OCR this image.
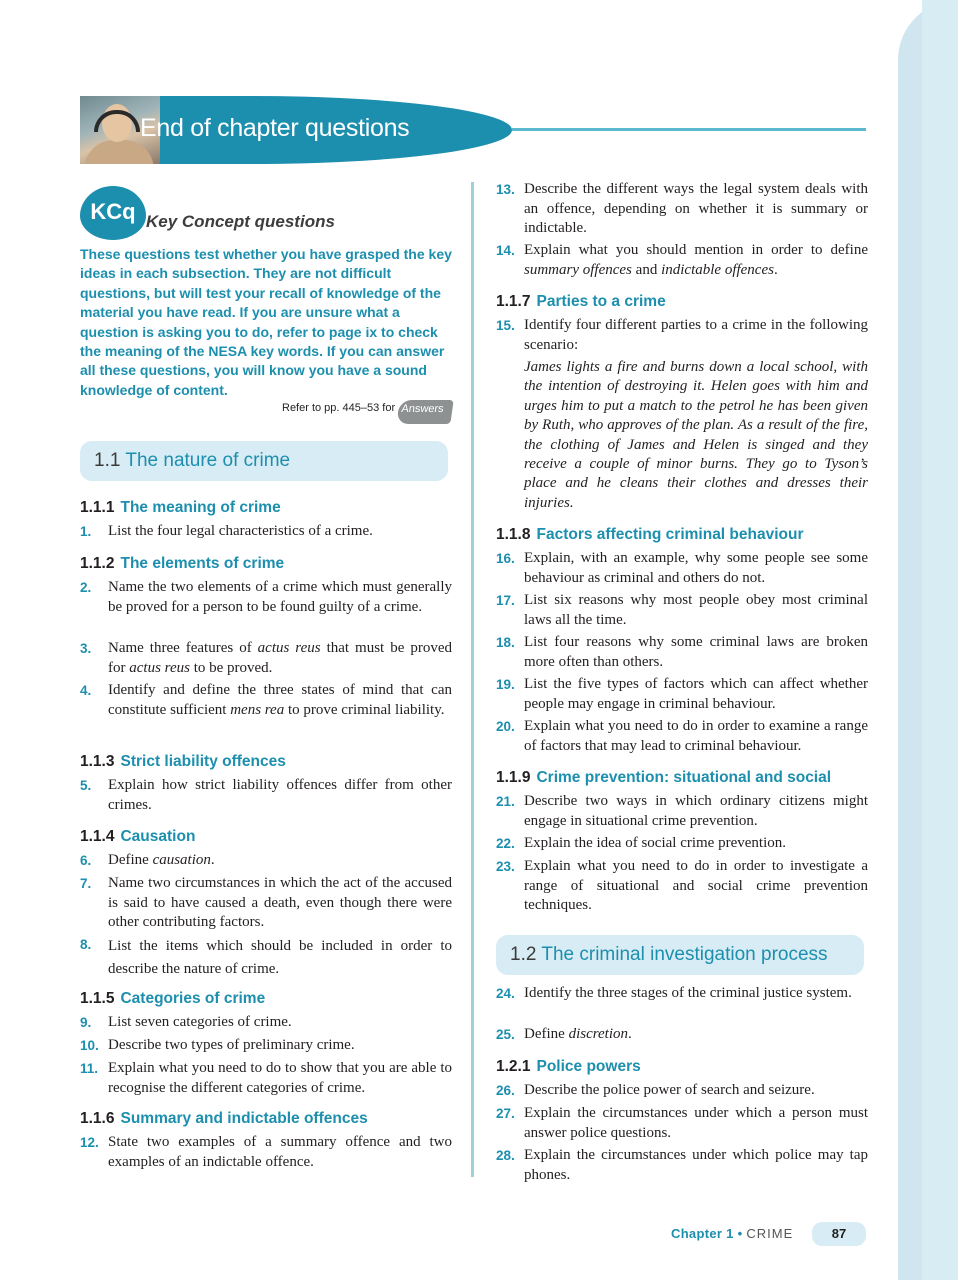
End of chapter questions
KCq Key Concept questions
These questions test whether you have grasped the key ideas in each subsection. They are not difficult questions, but will test your recall of knowledge of the material you have read. If you are unsure what a question is asking you to do, refer to page ix to check the meaning of the NESA key words. If you can answer all these questions, you will know you have a sound knowledge of content.
Refer to pp. 445–53 for Answers
1.1 The nature of crime
1.1.1 The meaning of crime
1.	List the four legal characteristics of a crime.
1.1.2 The elements of crime
2.	Name the two elements of a crime which must generally be proved for a person to be found guilty of a crime.
3.	Name three features of actus reus that must be proved for actus reus to be proved.
4.	Identify and define the three states of mind that can constitute sufficient mens rea to prove criminal liability.
1.1.3 Strict liability offences
5.	Explain how strict liability offences differ from other crimes.
1.1.4 Causation
6.	Define causation.
7.	Name two circumstances in which the act of the accused is said to have caused a death, even though there were other contributing factors.
8.	List the items which should be included in order to describe the nature of crime.
1.1.5 Categories of crime
9.	List seven categories of crime.
10. Describe two types of preliminary crime.
11. Explain what you need to do to show that you are able to recognise the different categories of crime.
1.1.6 Summary and indictable offences
12. State two examples of a summary offence and two examples of an indictable offence.
13. Describe the different ways the legal system deals with an offence, depending on whether it is summary or indictable.
14. Explain what you should mention in order to define summary offences and indictable offences.
1.1.7 Parties to a crime
15. Identify four different parties to a crime in the following scenario:
James lights a fire and burns down a local school, with the intention of destroying it. Helen goes with him and urges him to put a match to the petrol he has been given by Ruth, who approves of the plan. As a result of the fire, the clothing of James and Helen is singed and they receive a couple of minor burns. They go to Tyson’s place and he cleans their clothes and dresses their injuries.
1.1.8 Factors affecting criminal behaviour
16. Explain, with an example, why some people see some behaviour as criminal and others do not.
17. List six reasons why most people obey most criminal laws all the time.
18. List four reasons why some criminal laws are broken more often than others.
19. List the five types of factors which can affect whether people may engage in criminal behaviour.
20. Explain what you need to do in order to examine a range of factors that may lead to criminal behaviour.
1.1.9 Crime prevention: situational and social
21. Describe two ways in which ordinary citizens might engage in situational crime prevention.
22. Explain the idea of social crime prevention.
23. Explain what you need to do in order to investigate a range of situational and social crime prevention techniques.
1.2 The criminal investigation process
24. Identify the three stages of the criminal justice system.
25. Define discretion.
1.2.1 Police powers
26. Describe the police power of search and seizure.
27. Explain the circumstances under which a person must answer police questions.
28. Explain the circumstances under which police may tap phones.
Chapter 1 • CRIME	87
